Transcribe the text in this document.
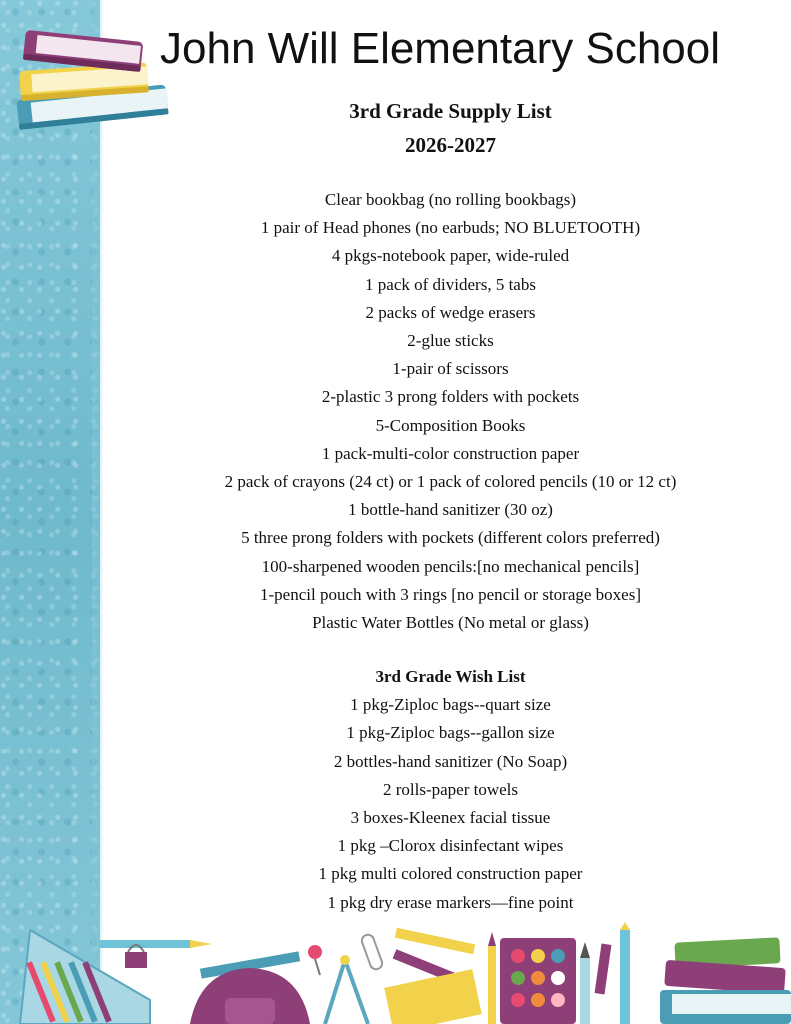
John Will Elementary School
3rd Grade Supply List
2026-2027
Clear bookbag (no rolling bookbags)
1 pair of Head phones (no earbuds; NO BLUETOOTH)
4 pkgs-notebook paper, wide-ruled
1 pack of dividers, 5 tabs
2 packs of wedge erasers
2-glue sticks
1-pair of scissors
2-plastic 3 prong folders with pockets
5-Composition Books
1 pack-multi-color construction paper
2 pack of crayons (24 ct) or 1 pack of colored pencils (10 or 12 ct)
1 bottle-hand sanitizer (30 oz)
5 three prong folders with pockets (different colors preferred)
100-sharpened wooden pencils:[no mechanical pencils]
1-pencil pouch with 3 rings [no pencil or storage boxes]
Plastic Water Bottles (No metal or glass)
3rd Grade Wish List
1 pkg-Ziploc bags--quart size
1 pkg-Ziploc bags--gallon size
2 bottles-hand sanitizer (No Soap)
2 rolls-paper towels
3 boxes-Kleenex facial tissue
1 pkg –Clorox disinfectant wipes
1 pkg multi colored construction paper
1 pkg dry erase markers—fine point
